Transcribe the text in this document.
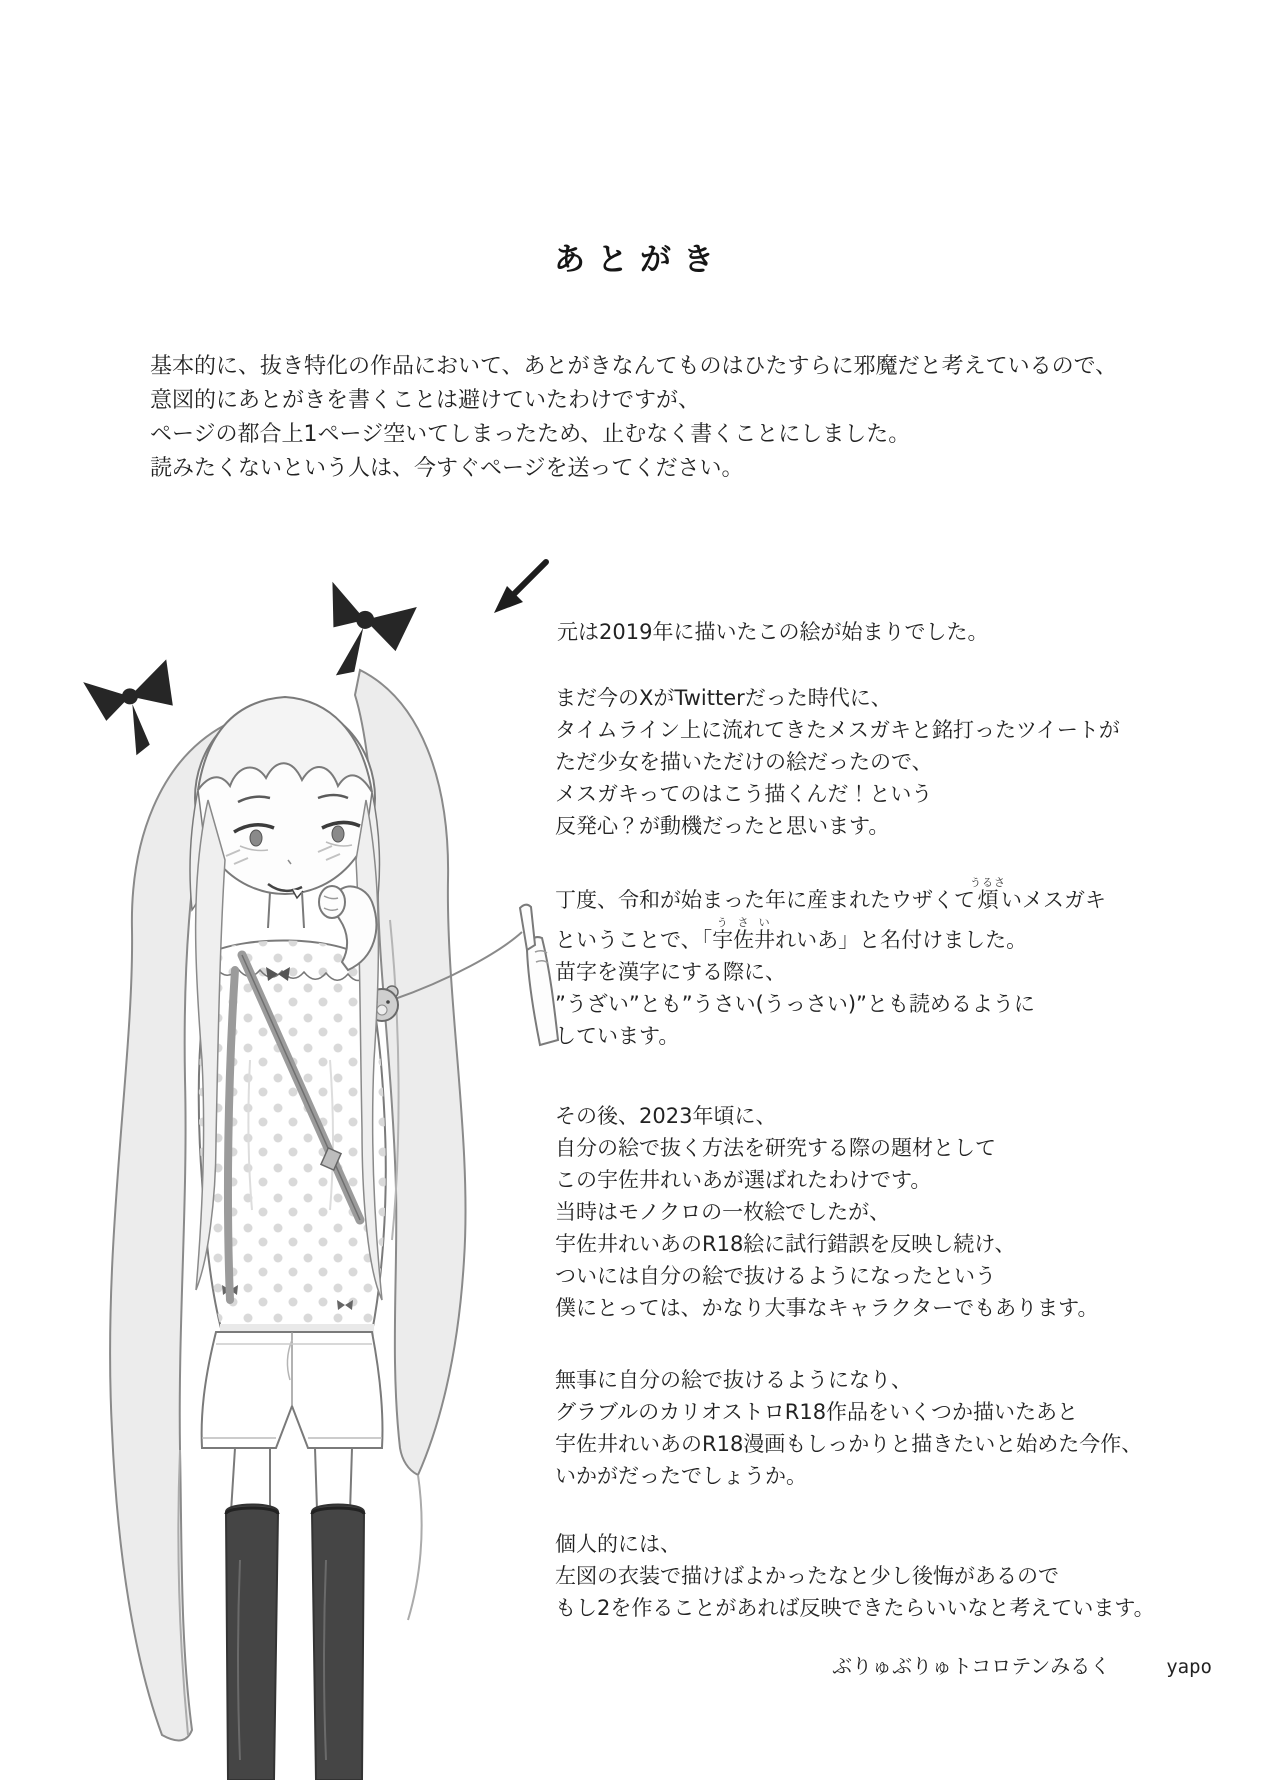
あとがき
基本的に、抜き特化の作品において、あとがきなんてものはひたすらに邪魔だと考えているので、
意図的にあとがきを書くことは避けていたわけですが、
ページの都合上1ページ空いてしまったため、止むなく書くことにしました。
読みたくないという人は、今すぐページを送ってください。
元は2019年に描いたこの絵が始まりでした。
まだ今のXがTwitterだった時代に、
タイムライン上に流れてきたメスガキと銘打ったツイートが
ただ少女を描いただけの絵だったので、
メスガキってのはこう描くんだ！という
反発心？が動機だったと思います。
丁度、令和が始まった年に産まれたウザくて煩うるさいメスガキ
ということで、「宇佐井うさいれいあ」と名付けました。
苗字を漢字にする際に、
”うざい”とも”うさい(うっさい)”とも読めるように
しています。
その後、2023年頃に、
自分の絵で抜く方法を研究する際の題材として
この宇佐井れいあが選ばれたわけです。
当時はモノクロの一枚絵でしたが、
宇佐井れいあのR18絵に試行錯誤を反映し続け、
ついには自分の絵で抜けるようになったという
僕にとっては、かなり大事なキャラクターでもあります。
無事に自分の絵で抜けるようになり、
グラブルのカリオストロR18作品をいくつか描いたあと
宇佐井れいあのR18漫画もしっかりと描きたいと始めた今作、
いかがだったでしょうか。
個人的には、
左図の衣装で描けばよかったなと少し後悔があるので
もし2を作ることがあれば反映できたらいいなと考えています。
ぶりゅぶりゅトコロテンみるく	yapo
